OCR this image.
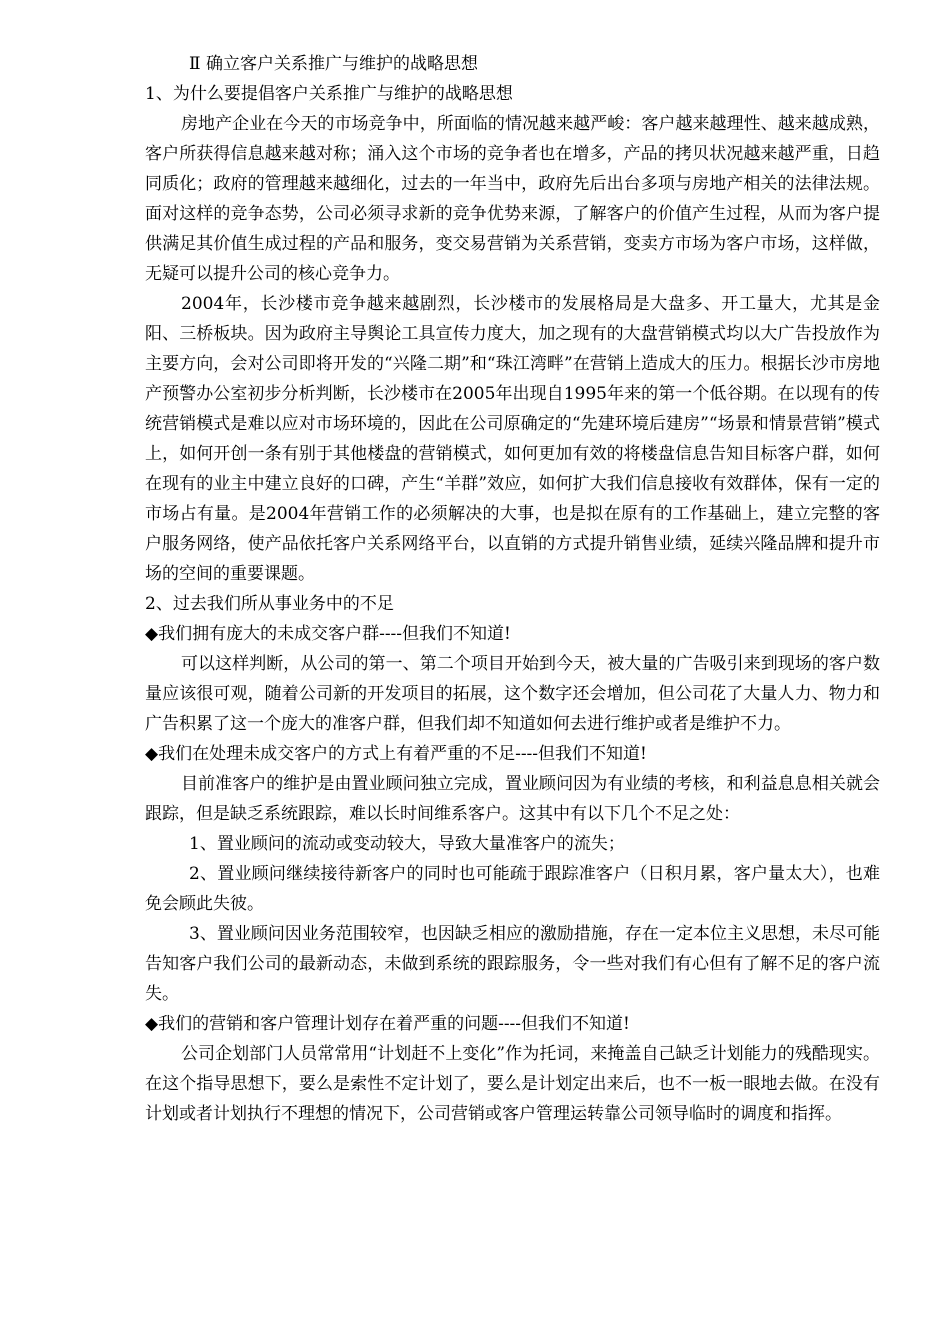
Ⅱ 确立客户关系推广与维护的战略思想

1、为什么要提倡客户关系推广与维护的战略思想

房地产企业在今天的市场竞争中，所面临的情况越来越严峻：客户越来越理性、越来越成熟，客户所获得信息越来越对称；涌入这个市场的竞争者也在增多，产品的拷贝状况越来越严重，日趋同质化；政府的管理越来越细化，过去的一年当中，政府先后出台多项与房地产相关的法律法规。面对这样的竞争态势，公司必须寻求新的竞争优势来源，了解客户的价值产生过程，从而为客户提供满足其价值生成过程的产品和服务，变交易营销为关系营销，变卖方市场为客户市场，这样做，无疑可以提升公司的核心竞争力。

2004年，长沙楼市竞争越来越剧烈，长沙楼市的发展格局是大盘多、开工量大，尤其是金阳、三桥板块。因为政府主导舆论工具宣传力度大，加之现有的大盘营销模式均以大广告投放作为主要方向，会对公司即将开发的“兴隆二期”和“珠江湾畔”在营销上造成大的压力。根据长沙市房地产预警办公室初步分析判断，长沙楼市在2005年出现自1995年来的第一个低谷期。在以现有的传统营销模式是难以应对市场环境的，因此在公司原确定的“先建环境后建房”“场景和情景营销”模式上，如何开创一条有别于其他楼盘的营销模式，如何更加有效的将楼盘信息告知目标客户群，如何在现有的业主中建立良好的口碑，产生“羊群”效应，如何扩大我们信息接收有效群体，保有一定的市场占有量。是2004年营销工作的必须解决的大事，也是拟在原有的工作基础上，建立完整的客户服务网络，使产品依托客户关系网络平台，以直销的方式提升销售业绩，延续兴隆品牌和提升市场的空间的重要课题。

2、过去我们所从事业务中的不足

◆我们拥有庞大的未成交客户群----但我们不知道!

可以这样判断，从公司的第一、第二个项目开始到今天，被大量的广告吸引来到现场的客户数量应该很可观，随着公司新的开发项目的拓展，这个数字还会增加，但公司花了大量人力、物力和广告积累了这一个庞大的准客户群，但我们却不知道如何去进行维护或者是维护不力。

◆我们在处理未成交客户的方式上有着严重的不足----但我们不知道!

目前准客户的维护是由置业顾问独立完成，置业顾问因为有业绩的考核，和利益息息相关就会跟踪，但是缺乏系统跟踪，难以长时间维系客户。这其中有以下几个不足之处：

1、置业顾问的流动或变动较大，导致大量准客户的流失；

2、置业顾问继续接待新客户的同时也可能疏于跟踪准客户（日积月累，客户量太大），也难免会顾此失彼。

3、置业顾问因业务范围较窄，也因缺乏相应的激励措施，存在一定本位主义思想，未尽可能告知客户我们公司的最新动态，未做到系统的跟踪服务，令一些对我们有心但有了解不足的客户流失。

◆我们的营销和客户管理计划存在着严重的问题----但我们不知道!

公司企划部门人员常常用“计划赶不上变化”作为托词，来掩盖自己缺乏计划能力的残酷现实。在这个指导思想下，要么是索性不定计划了，要么是计划定出来后，也不一板一眼地去做。在没有计划或者计划执行不理想的情况下，公司营销或客户管理运转靠公司领导临时的调度和指挥。
